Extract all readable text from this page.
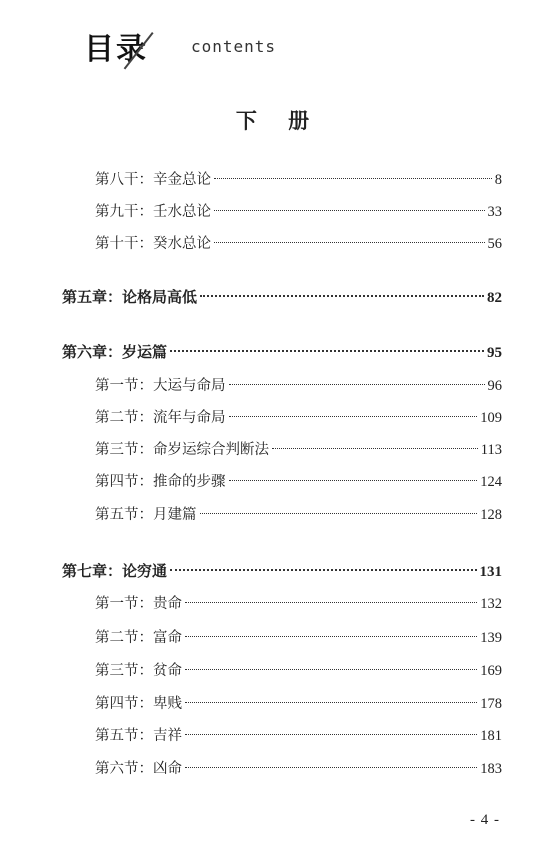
目录	contents
下 册
第八干： 辛金总论	8
第九干： 壬水总论	33
第十干： 癸水总论	56
第五章： 论格局高低	82
第六章： 岁运篇	95
第一节： 大运与命局	96
第二节： 流年与命局	109
第三节： 命岁运综合判断法	113
第四节： 推命的步骤	124
第五节： 月建篇	128
第七章： 论穷通	131
第一节： 贵命	132
第二节： 富命	139
第三节： 贫命	169
第四节： 卑贱	178
第五节： 吉祥	181
第六节： 凶命	183
- 4 -
